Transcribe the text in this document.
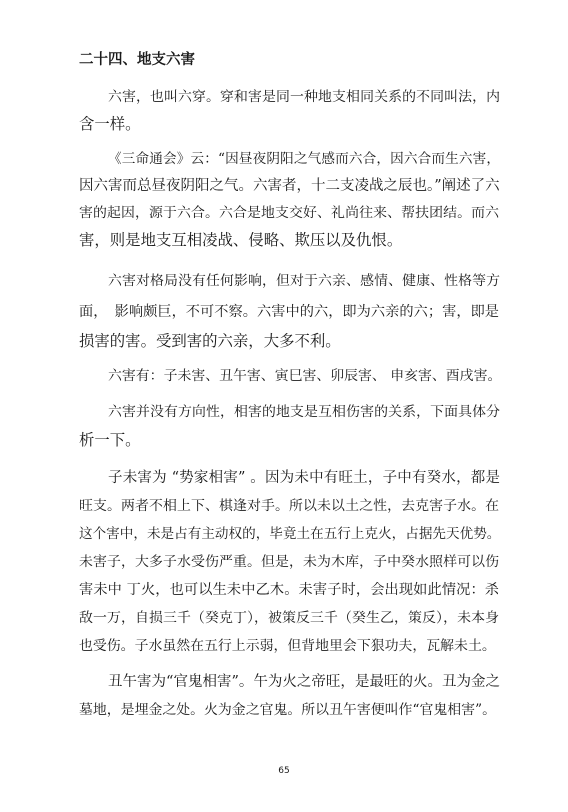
二十四、地支六害
六害，也叫六穿。穿和害是同一种地支相同关系的不同叫法，内
含一样。
《三命通会》云：“因昼夜阴阳之气感而六合，因六合而生六害，
因六害而总昼夜阴阳之气。六害者，十二支凌战之辰也。”阐述了六
害的起因，源于六合。六合是地支交好、礼尚往来、帮扶团结。而六
害，则是地支互相凌战、侵略、欺压以及仇恨。
六害对格局没有任何影响，但对于六亲、感情、健康、性格等方
面，　影响颇巨，不可不察。六害中的六，即为六亲的六；害，即是
损害的害。受到害的六亲，大多不利。
六害有：子未害、丑午害、寅巳害、卯辰害、 申亥害、酉戌害。
六害并没有方向性，相害的地支是互相伤害的关系，下面具体分
析一下。
子未害为 “势家相害” 。因为未中有旺土，子中有癸水，都是
旺支。两者不相上下、棋逢对手。所以未以土之性，去克害子水。在
这个害中，未是占有主动权的，毕竟土在五行上克火，占据先天优势。
未害子，大多子水受伤严重。但是，未为木库，子中癸水照样可以伤
害未中 丁火，也可以生未中乙木。未害子时，会出现如此情况：杀
敌一万，自损三千（癸克丁），被策反三千（癸生乙，策反），未本身
也受伤。子水虽然在五行上示弱，但背地里会下狠功夫，瓦解未土。
丑午害为“官鬼相害”。午为火之帝旺，是最旺的火。丑为金之
墓地，是埋金之处。火为金之官鬼。所以丑午害便叫作“官鬼相害”。
65
